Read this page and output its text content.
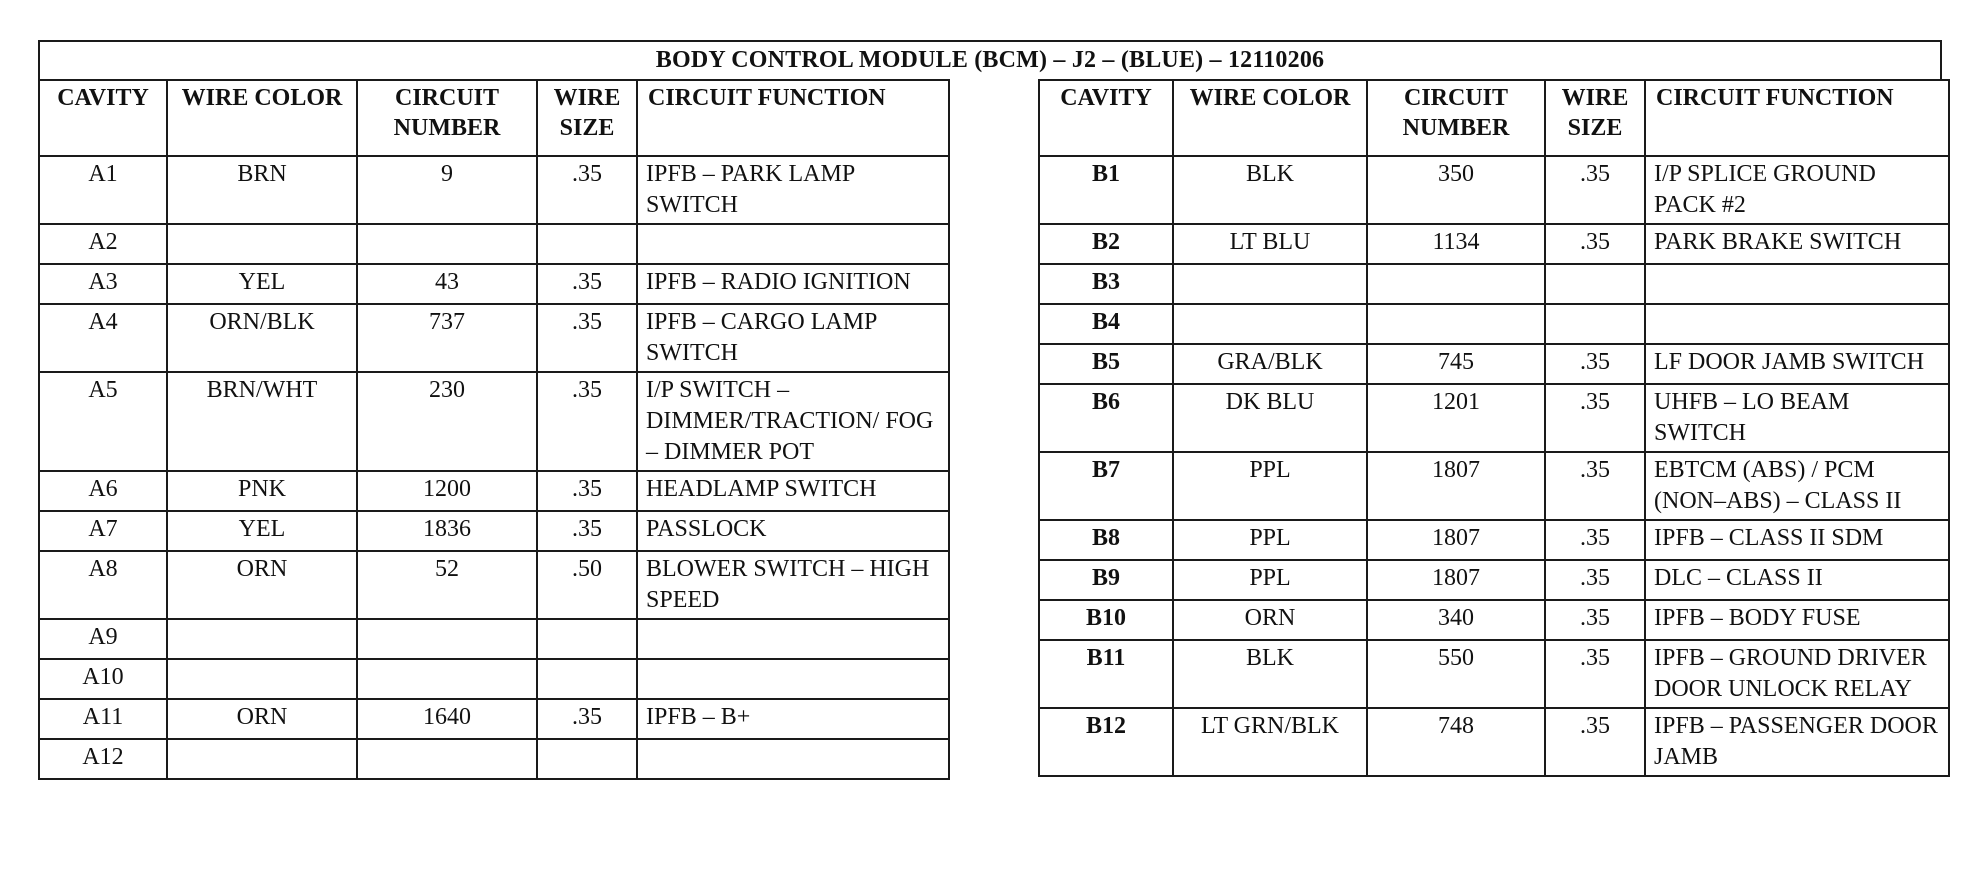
BODY CONTROL MODULE (BCM) – J2 – (BLUE) – 12110206
CAVITY	WIRE COLOR	CIRCUIT NUMBER	WIRE SIZE	CIRCUIT FUNCTION
A1	BRN	9	.35	IPFB – PARK LAMP SWITCH
A2				
A3	YEL	43	.35	IPFB – RADIO IGNITION
A4	ORN/BLK	737	.35	IPFB – CARGO LAMP SWITCH
A5	BRN/WHT	230	.35	I/P SWITCH – DIMMER/TRACTION/ FOG – DIMMER POT
A6	PNK	1200	.35	HEADLAMP SWITCH
A7	YEL	1836	.35	PASSLOCK
A8	ORN	52	.50	BLOWER SWITCH – HIGH SPEED
A9				
A10				
A11	ORN	1640	.35	IPFB – B+
A12				
CAVITY	WIRE COLOR	CIRCUIT NUMBER	WIRE SIZE	CIRCUIT FUNCTION
B1	BLK	350	.35	I/P SPLICE GROUND PACK #2
B2	LT BLU	1134	.35	PARK BRAKE SWITCH
B3				
B4				
B5	GRA/BLK	745	.35	LF DOOR JAMB SWITCH
B6	DK BLU	1201	.35	UHFB – LO BEAM SWITCH
B7	PPL	1807	.35	EBTCM (ABS) / PCM (NON–ABS) – CLASS II
B8	PPL	1807	.35	IPFB – CLASS II SDM
B9	PPL	1807	.35	DLC – CLASS II
B10	ORN	340	.35	IPFB – BODY FUSE
B11	BLK	550	.35	IPFB – GROUND DRIVER DOOR UNLOCK RELAY
B12	LT GRN/BLK	748	.35	IPFB – PASSENGER DOOR JAMB
